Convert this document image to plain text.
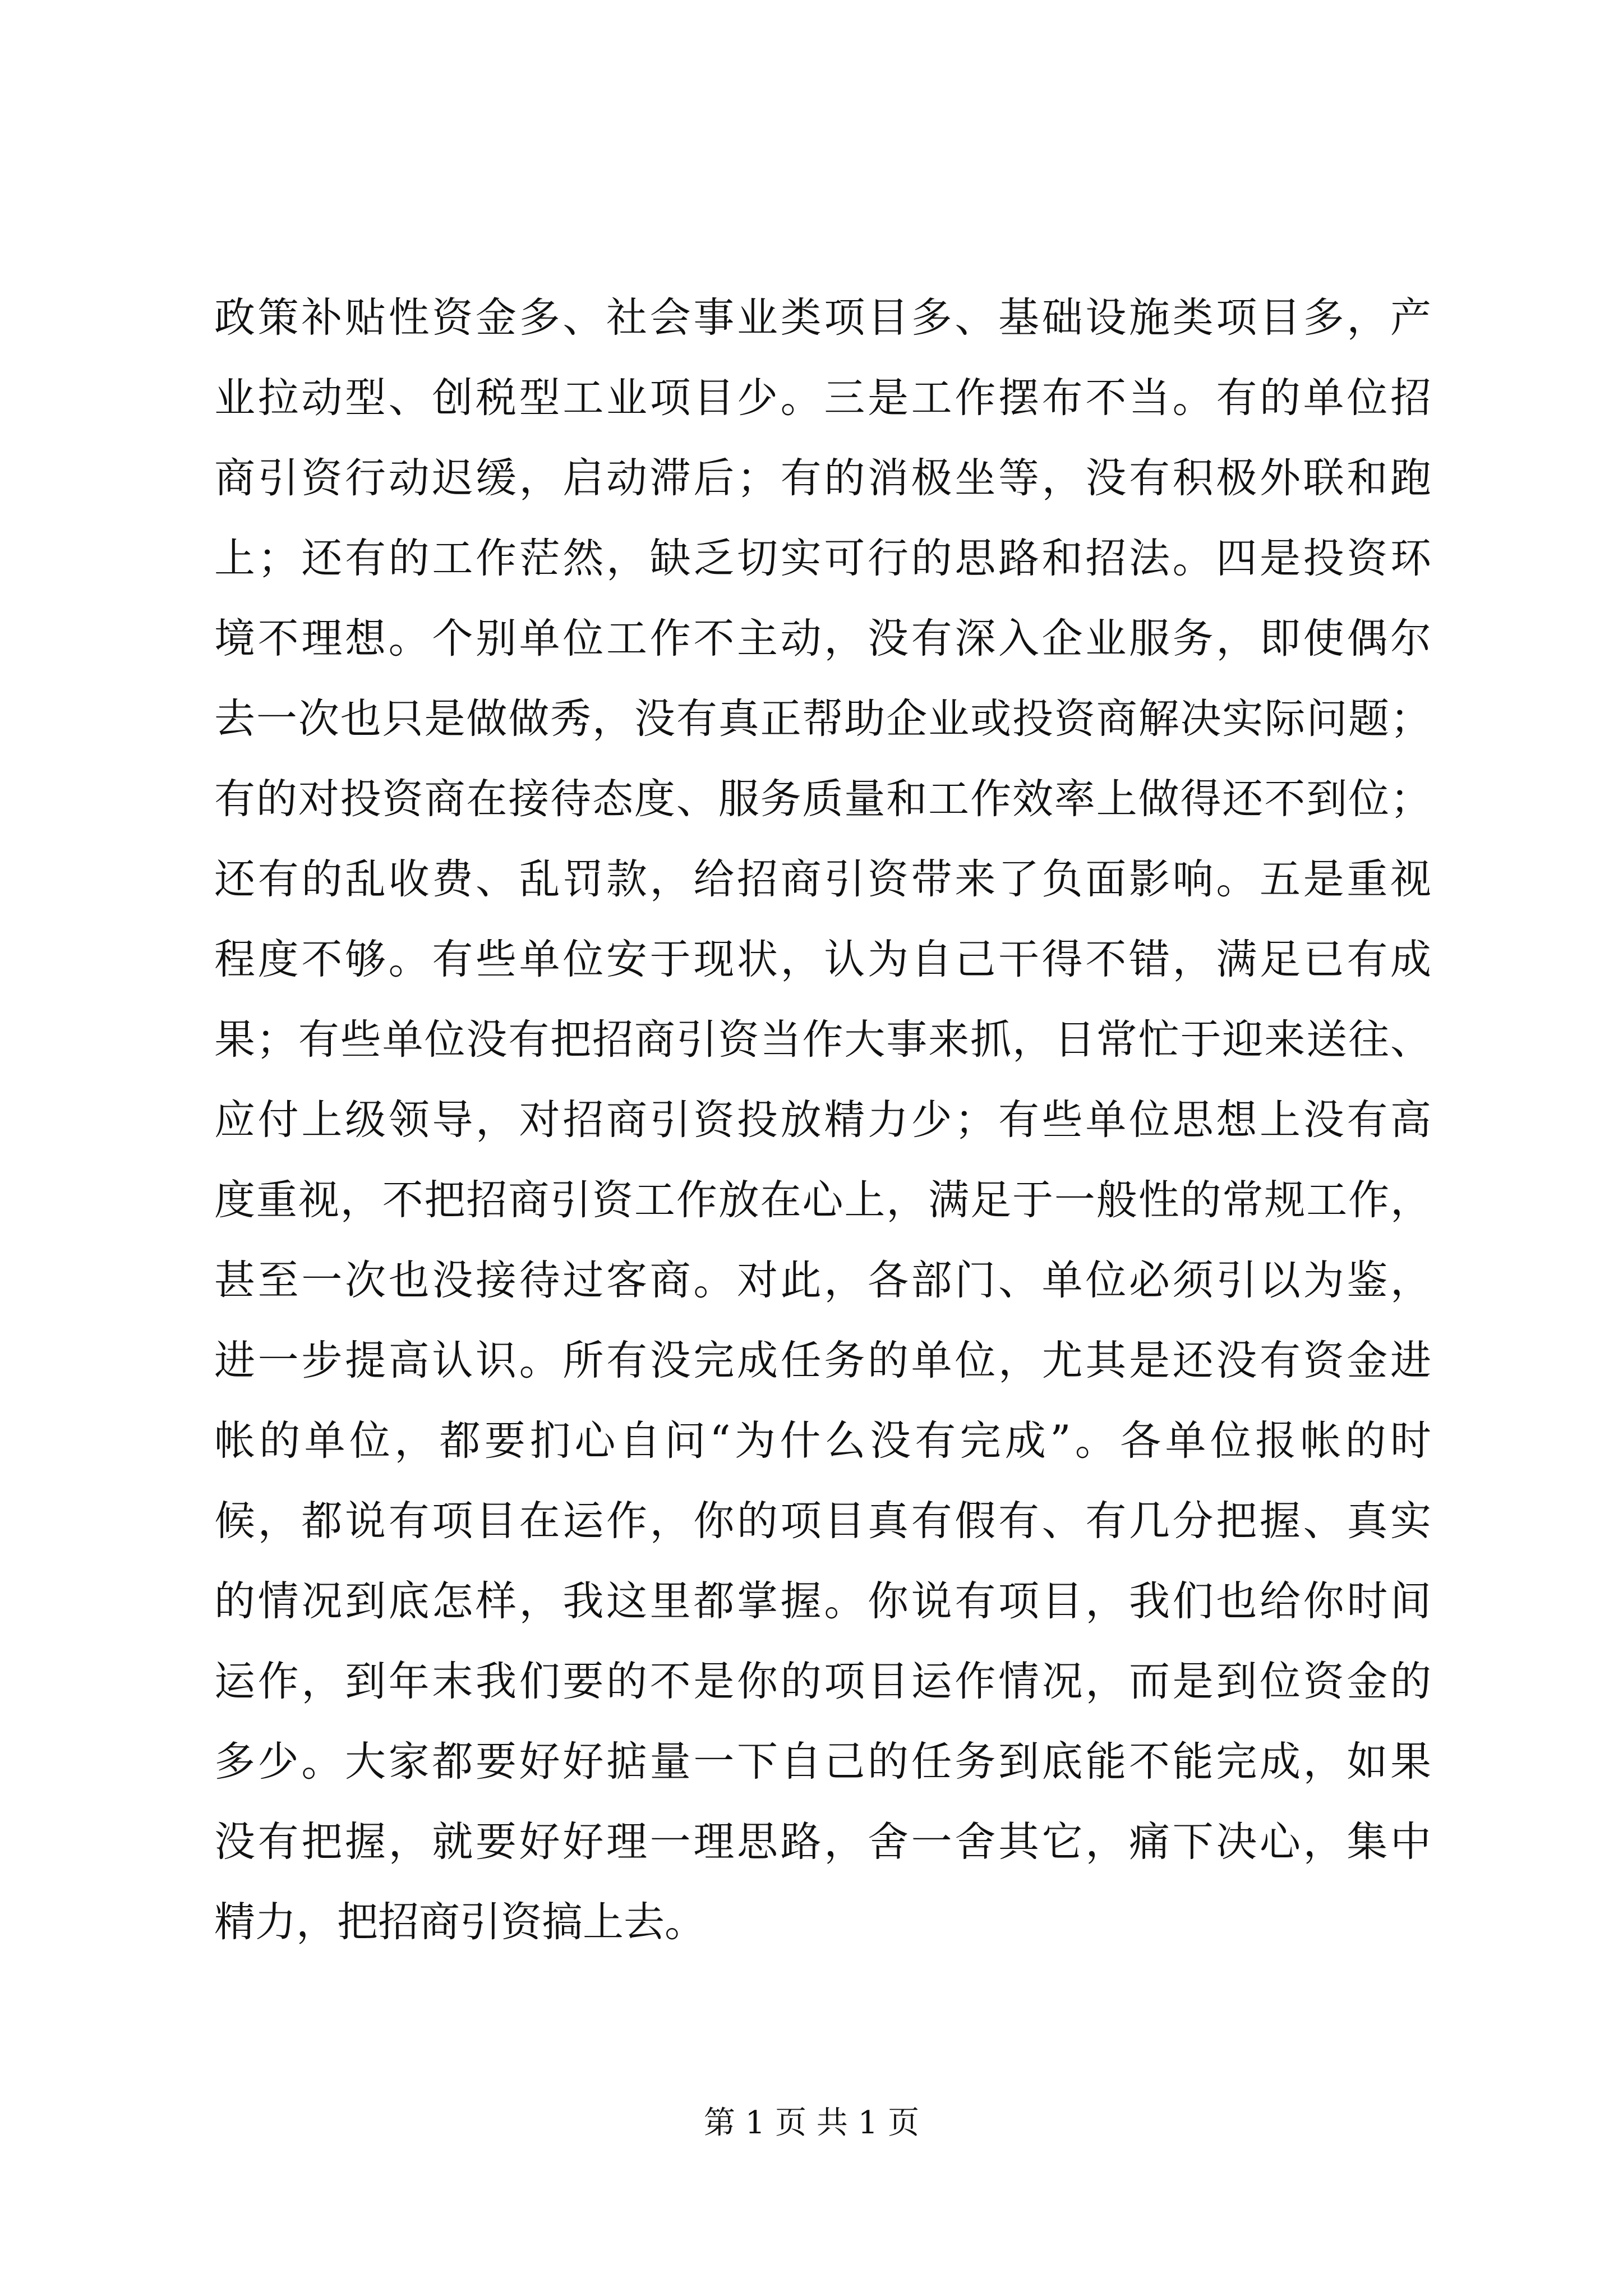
政策补贴性资金多、社会事业类项目多、基础设施类项目多，产
业拉动型、创税型工业项目少。三是工作摆布不当。有的单位招
商引资行动迟缓，启动滞后；有的消极坐等，没有积极外联和跑
上；还有的工作茫然，缺乏切实可行的思路和招法。四是投资环
境不理想。个别单位工作不主动，没有深入企业服务，即使偶尔
去一次也只是做做秀，没有真正帮助企业或投资商解决实际问题；
有的对投资商在接待态度、服务质量和工作效率上做得还不到位；
还有的乱收费、乱罚款，给招商引资带来了负面影响。五是重视
程度不够。有些单位安于现状，认为自己干得不错，满足已有成
果；有些单位没有把招商引资当作大事来抓，日常忙于迎来送往、
应付上级领导，对招商引资投放精力少；有些单位思想上没有高
度重视，不把招商引资工作放在心上，满足于一般性的常规工作，
甚至一次也没接待过客商。对此，各部门、单位必须引以为鉴，
进一步提高认识。所有没完成任务的单位，尤其是还没有资金进
帐的单位，都要扪心自问“为什么没有完成”。各单位报帐的时
候，都说有项目在运作，你的项目真有假有、有几分把握、真实
的情况到底怎样，我这里都掌握。你说有项目，我们也给你时间
运作，到年末我们要的不是你的项目运作情况，而是到位资金的
多少。大家都要好好掂量一下自己的任务到底能不能完成，如果
没有把握，就要好好理一理思路，舍一舍其它，痛下决心，集中
精力，把招商引资搞上去。
第 1 页 共 1 页
